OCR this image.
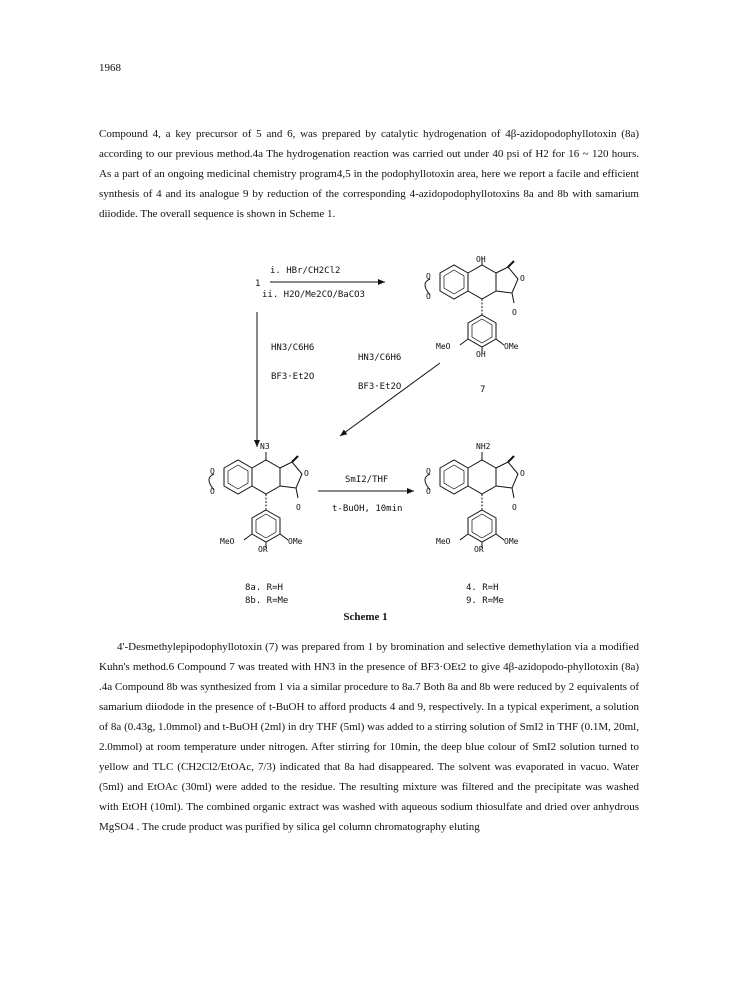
1968

Compound 4, a key precursor of 5 and 6, was prepared by catalytic hydrogenation of 4β-azidopodophyllotoxin (8a) according to our previous method.4a The hydrogenation reaction was carried out under 40 psi of H2 for 16 ~ 120 hours. As a part of an ongoing medicinal chemistry program4,5 in the podophyllotoxin area, here we report a facile and efficient synthesis of 4 and its analogue 9 by reduction of the corresponding 4-azidopodophyllotoxins 8a and 8b with samarium diiodide. The overall sequence is shown in Scheme 1.

1
i. HBr/CH2Cl2
ii. H2O/Me2CO/BaCO3
O
O
O
O
MeO	OMe
OH
OH
7
HN3/C6H6
BF3·Et2O
HN3/C6H6
BF3·Et2O
O
O
O
O
MeO	OMe
N3
OR
SmI2/THF
t-BuOH, 10min
O
O
O
O
MeO	OMe
NH2
OR
8a. R=H
8b. R=Me
4. R=H
9. R=Me
Scheme 1

4'-Desmethylepipodophyllotoxin (7) was prepared from 1 by bromination and selective demethylation via a modified Kuhn's method.6 Compound 7 was treated with HN3 in the presence of BF3·OEt2 to give 4β-azidopodo-phyllotoxin (8a) .4a Compound 8b was synthesized from 1 via a similar procedure to 8a.7 Both 8a and 8b were reduced by 2 equivalents of samarium diiodode in the presence of t-BuOH to afford products 4 and 9, respectively. In a typical experiment, a solution of 8a (0.43g, 1.0mmol) and t-BuOH (2ml) in dry THF (5ml) was added to a stirring solution of SmI2 in THF (0.1M, 20ml, 2.0mmol) at room temperature under nitrogen. After stirring for 10min, the deep blue colour of SmI2 solution turned to yellow and TLC (CH2Cl2/EtOAc, 7/3) indicated that 8a had disappeared. The solvent was evaporated in vacuo. Water (5ml) and EtOAc (30ml) were added to the residue. The resulting mixture was filtered and the precipitate was washed with EtOH (10ml). The combined organic extract was washed with aqueous sodium thiosulfate and dried over anhydrous MgSO4 . The crude product was purified by silica gel column chromatography eluting
